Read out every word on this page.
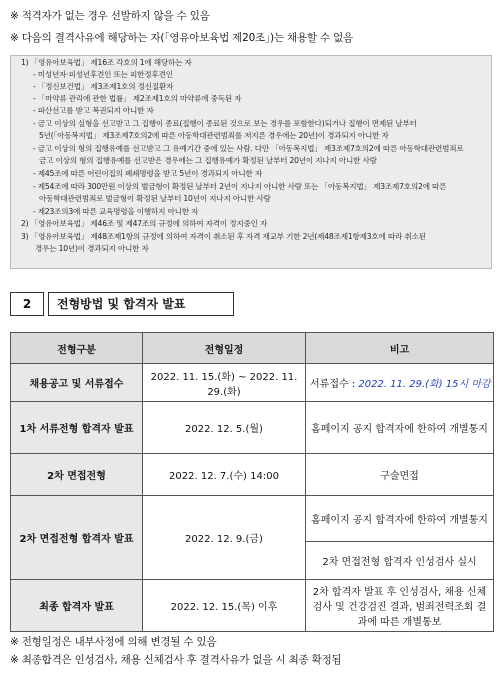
※ 적격자가 없는 경우 선발하지 않을 수 있음
※ 다음의 결격사유에 해당하는 자(「영유아보육법 제20조」)는 채용할 수 없음
1) 「영유아보육법」 제16조 각호의 1에 해당하는 자
- 미성년자·피성년후견인 또는 피한정후견인
- 「정신보건법」 제3조제1호의 정신질환자
- 「마약류 관리에 관한 법률」 제2조제1호의 마약류에 중독된 자
- 파산선고를 받고 복권되지 아니한 자
- 금고 이상의 실형을 선고받고 그 집행이 종료(집행이 종료된 것으로 보는 경우를 포함한다)되거나 집행이 면제된 날부터
5년(「아동복지법」 제3조제7호의2에 따른 아동학대관련범죄를 저지른 경우에는 20년)이 경과되지 아니한 자
- 금고 이상의 형의 집행유예를 선고받고 그 유예기간 중에 있는 사람. 다만 「아동복지법」 제3조제7호의2에 따른 아동학대관련범죄로
금고 이상의 형의 집행유예를 선고받은 경우에는 그 집행유예가 확정된 날부터 20년이 지나지 아니한 사람
- 제45조에 따른 어린이집의 폐쇄명령을 받고 5년이 경과되지 아니한 자
- 제54조에 따라 300만원 이상의 벌금형이 확정된 날부터 2년이 지나지 아니한 사람 또는 「아동복지법」 제3조제7호의2에 따른
아동학대관련범죄로 벌금형이 확정된 날부터 10년이 지나지 아니한 사람
- 제23조의3에 따른 교육명령을 이행하지 아니한 자
2) 「영유아보육법」 제46조 및 제47조의 규정에 의하여 자격이 정지중인 자
3) 「영유아보육법」 제48조제1항의 규정에 의하여 자격이 취소된 후 자격 재교부 기한 2년(제48조제1항제3호에 따라 취소된
경우는 10년)이 경과되지 아니한 자
2	전형방법 및 합격자 발표
전형구분	전형일정	비고
채용공고 및 서류접수	2022. 11. 15.(화) ~ 2022. 11. 29.(화)	서류접수 : 2022. 11. 29.(화) 15시 마감
1차 서류전형 합격자 발표	2022. 12. 5.(월)	홈페이지 공지 합격자에 한하여 개별통지
2차 면접전형	2022. 12. 7.(수) 14:00	구술면접
2차 면접전형 합격자 발표	2022. 12. 9.(금)	홈페이지 공지 합격자에 한하여 개별통지
		2차 면접전형 합격자 인성검사 실시
최종 합격자 발표	2022. 12. 15.(목) 이후	2차 합격자 발표 후 인성검사, 채용 신체검사 및 건강검진 결과, 범죄전력조회 결과에 따른 개별통보
※ 전형일정은 내부사정에 의해 변경될 수 있음
※ 최종합격은 인성검사, 채용 신체검사 후 결격사유가 없을 시 최종 확정됨
